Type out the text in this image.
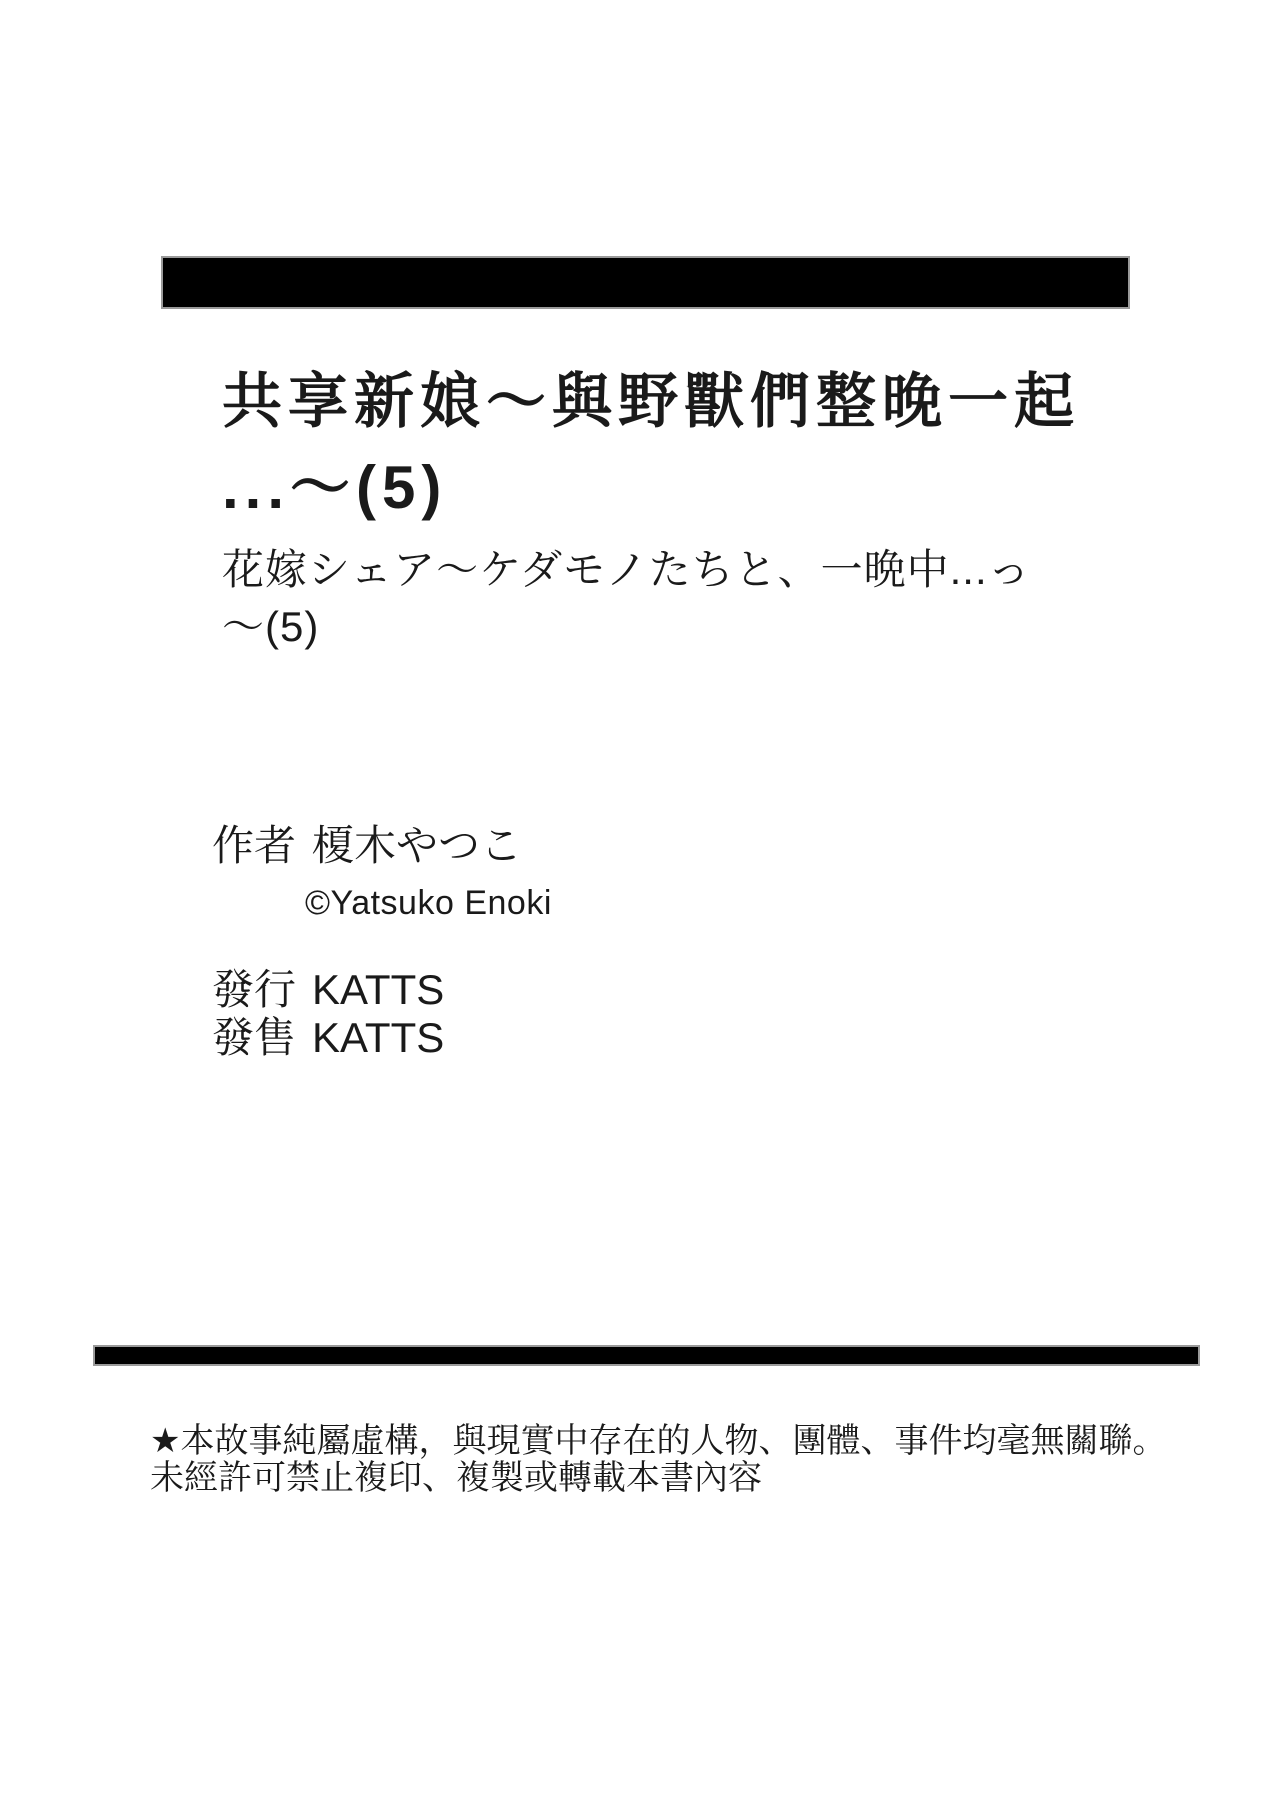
共享新娘～與野獸們整晚一起
...～(5)
花嫁シェア～ケダモノたちと、一晩中...っ
～(5)
作者 榎木やつこ
©Yatsuko Enoki
發行 KATTS
發售 KATTS
★本故事純屬虛構，與現實中存在的人物、團體、事件均毫無關聯。
未經許可禁止複印、複製或轉載本書內容
